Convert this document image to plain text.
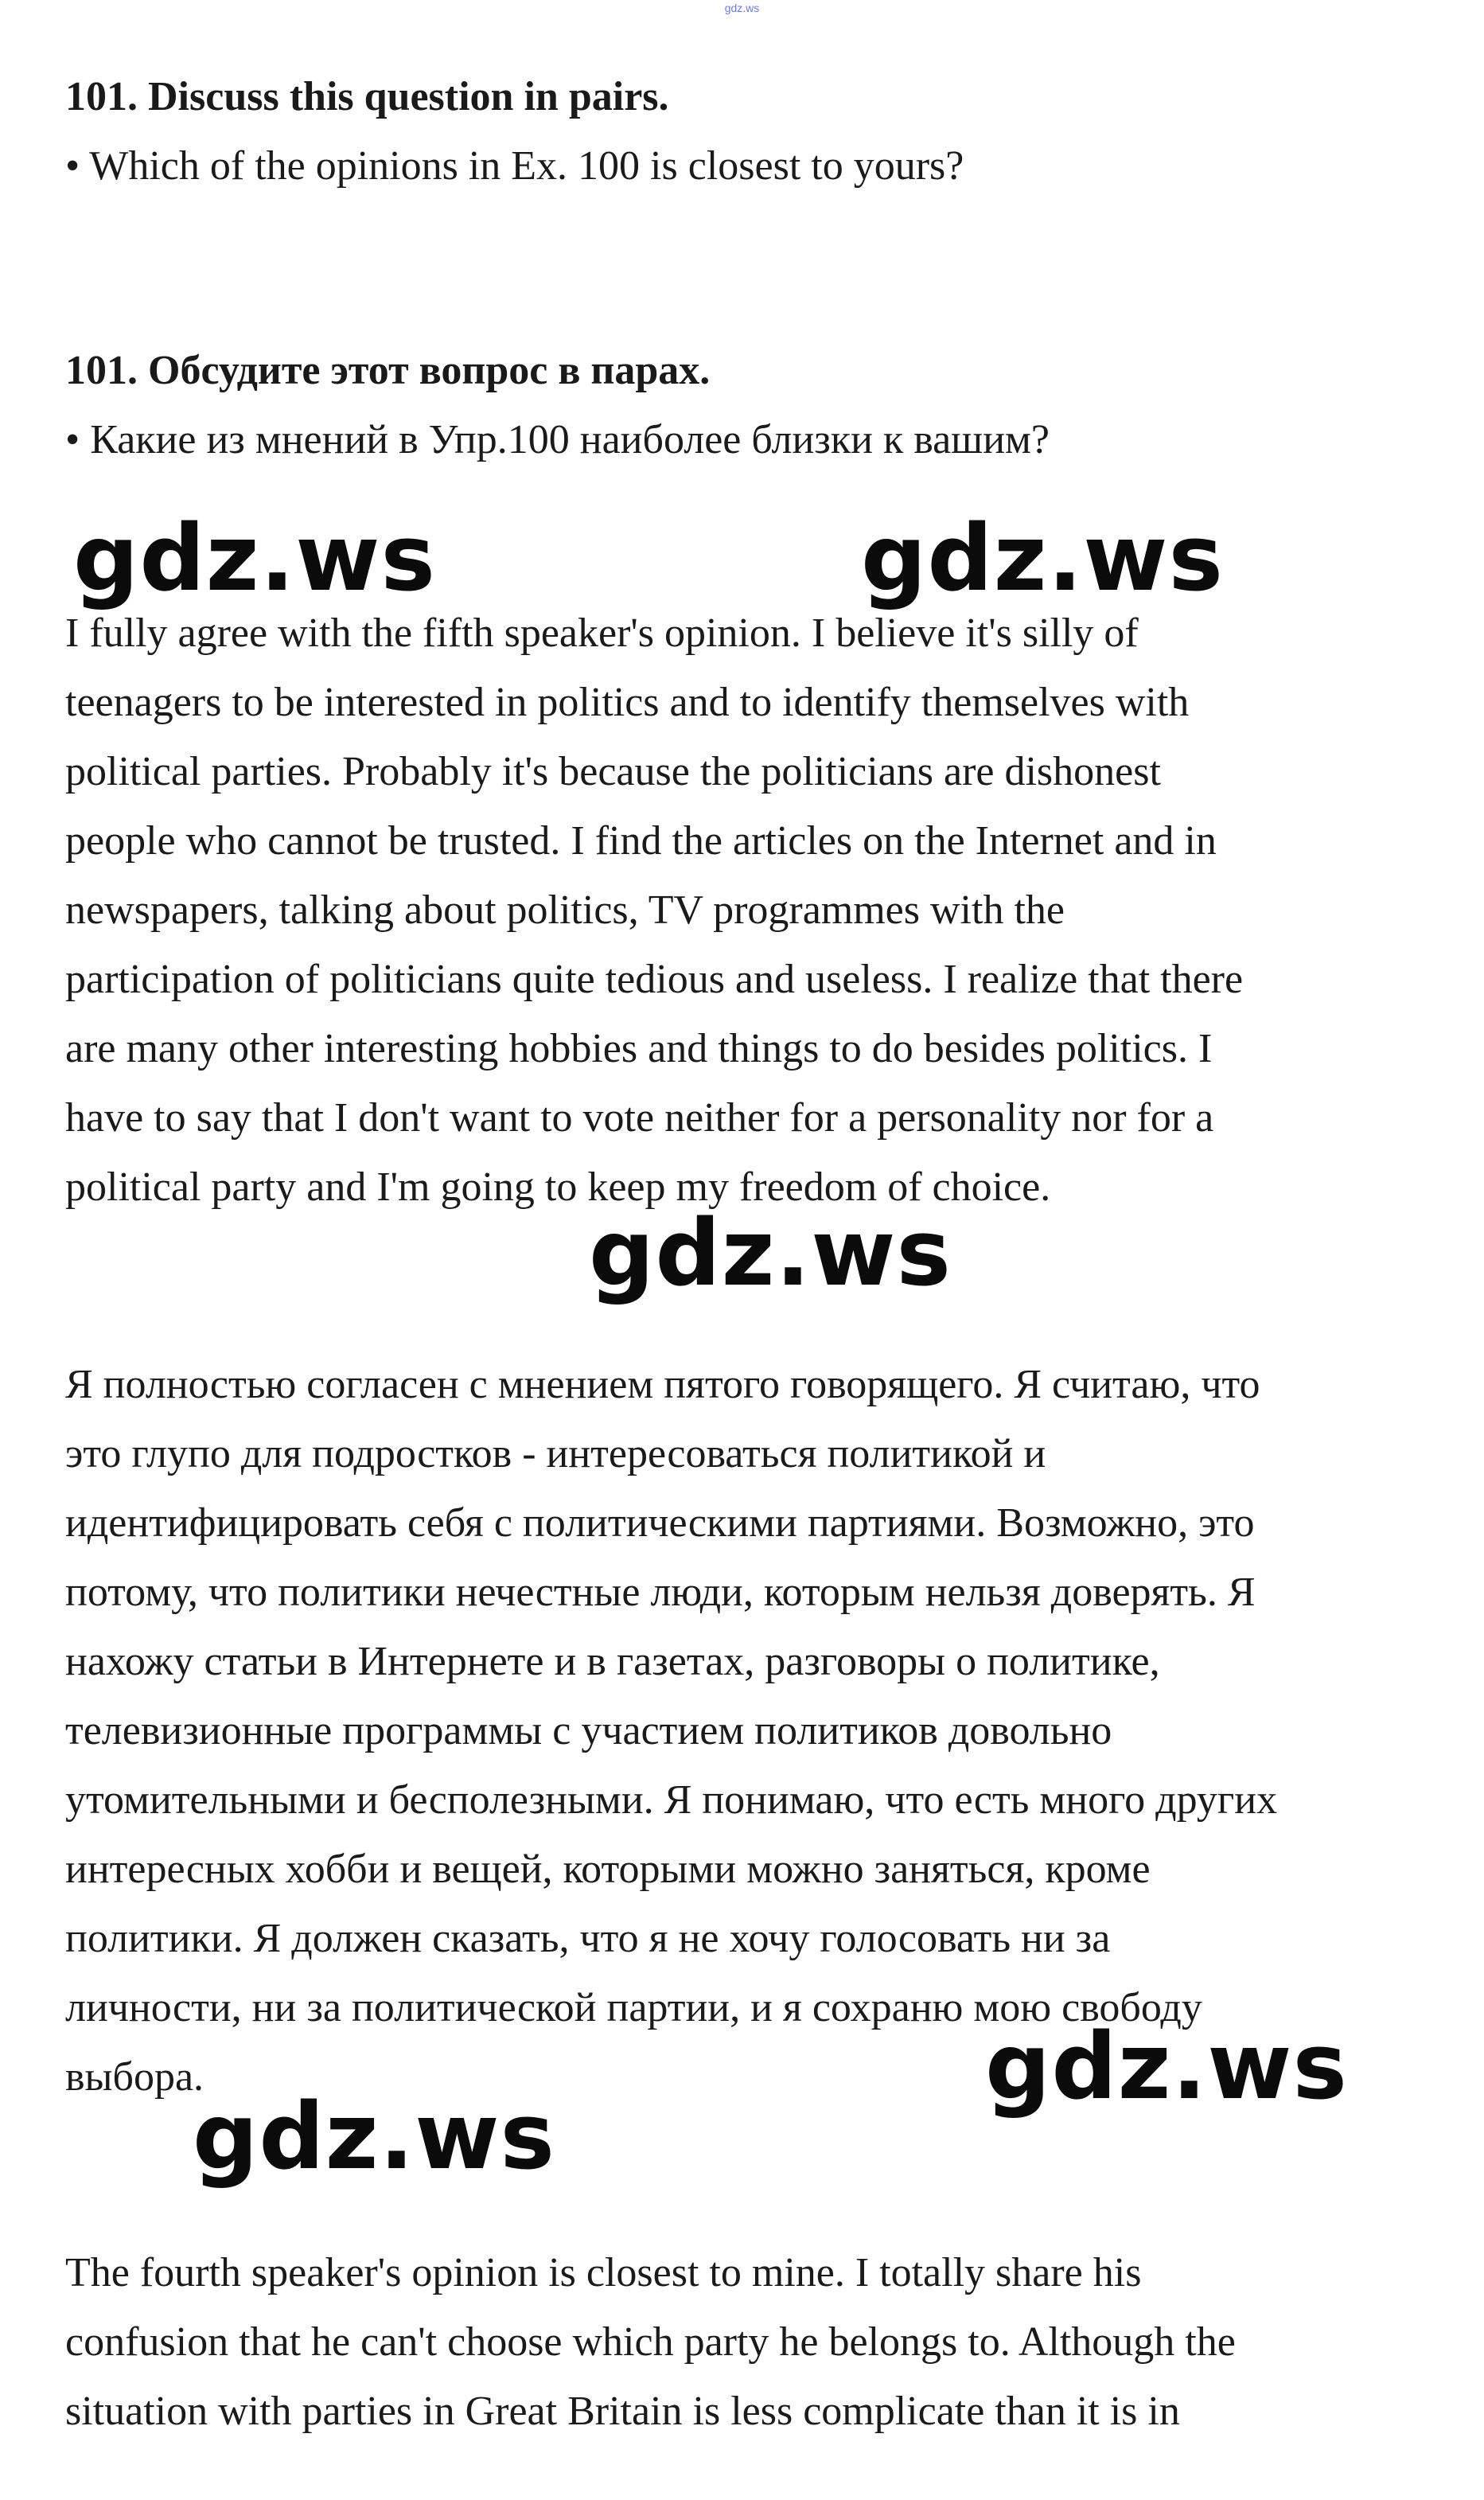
gdz.ws

101. Discuss this question in pairs.

• Which of the opinions in Ex. 100 is closest to yours?

101. Обсудите этот вопрос в парах.

• Какие из мнений в Упр.100 наиболее близки к вашим?

I fully agree with the fifth speaker's opinion. I believe it's silly of

teenagers to be interested in politics and to identify themselves with

political parties. Probably it's because the politicians are dishonest

people who cannot be trusted. I find the articles on the Internet and in

newspapers, talking about politics, TV programmes with the

participation of politicians quite tedious and useless. I realize that there

are many other interesting hobbies and things to do besides politics. I

have to say that I don't want to vote neither for a personality nor for a

political party and I'm going to keep my freedom of choice.

Я полностью согласен с мнением пятого говорящего. Я считаю, что

это глупо для подростков - интересоваться политикой и

идентифицировать себя с политическими партиями. Возможно, это

потому, что политики нечестные люди, которым нельзя доверять. Я

нахожу статьи в Интернете и в газетах, разговоры о политике,

телевизионные программы с участием политиков довольно

утомительными и бесполезными. Я понимаю, что есть много других

интересных хобби и вещей, которыми можно заняться, кроме

политики. Я должен сказать, что я не хочу голосовать ни за

личности, ни за политической партии, и я сохраню мою свободу

выбора.

The fourth speaker's opinion is closest to mine. I totally share his

confusion that he can't choose which party he belongs to. Although the

situation with parties in Great Britain is less complicate than it is in

gdz.ws	gdz.ws
gdz.ws
gdz.ws
gdz.ws
